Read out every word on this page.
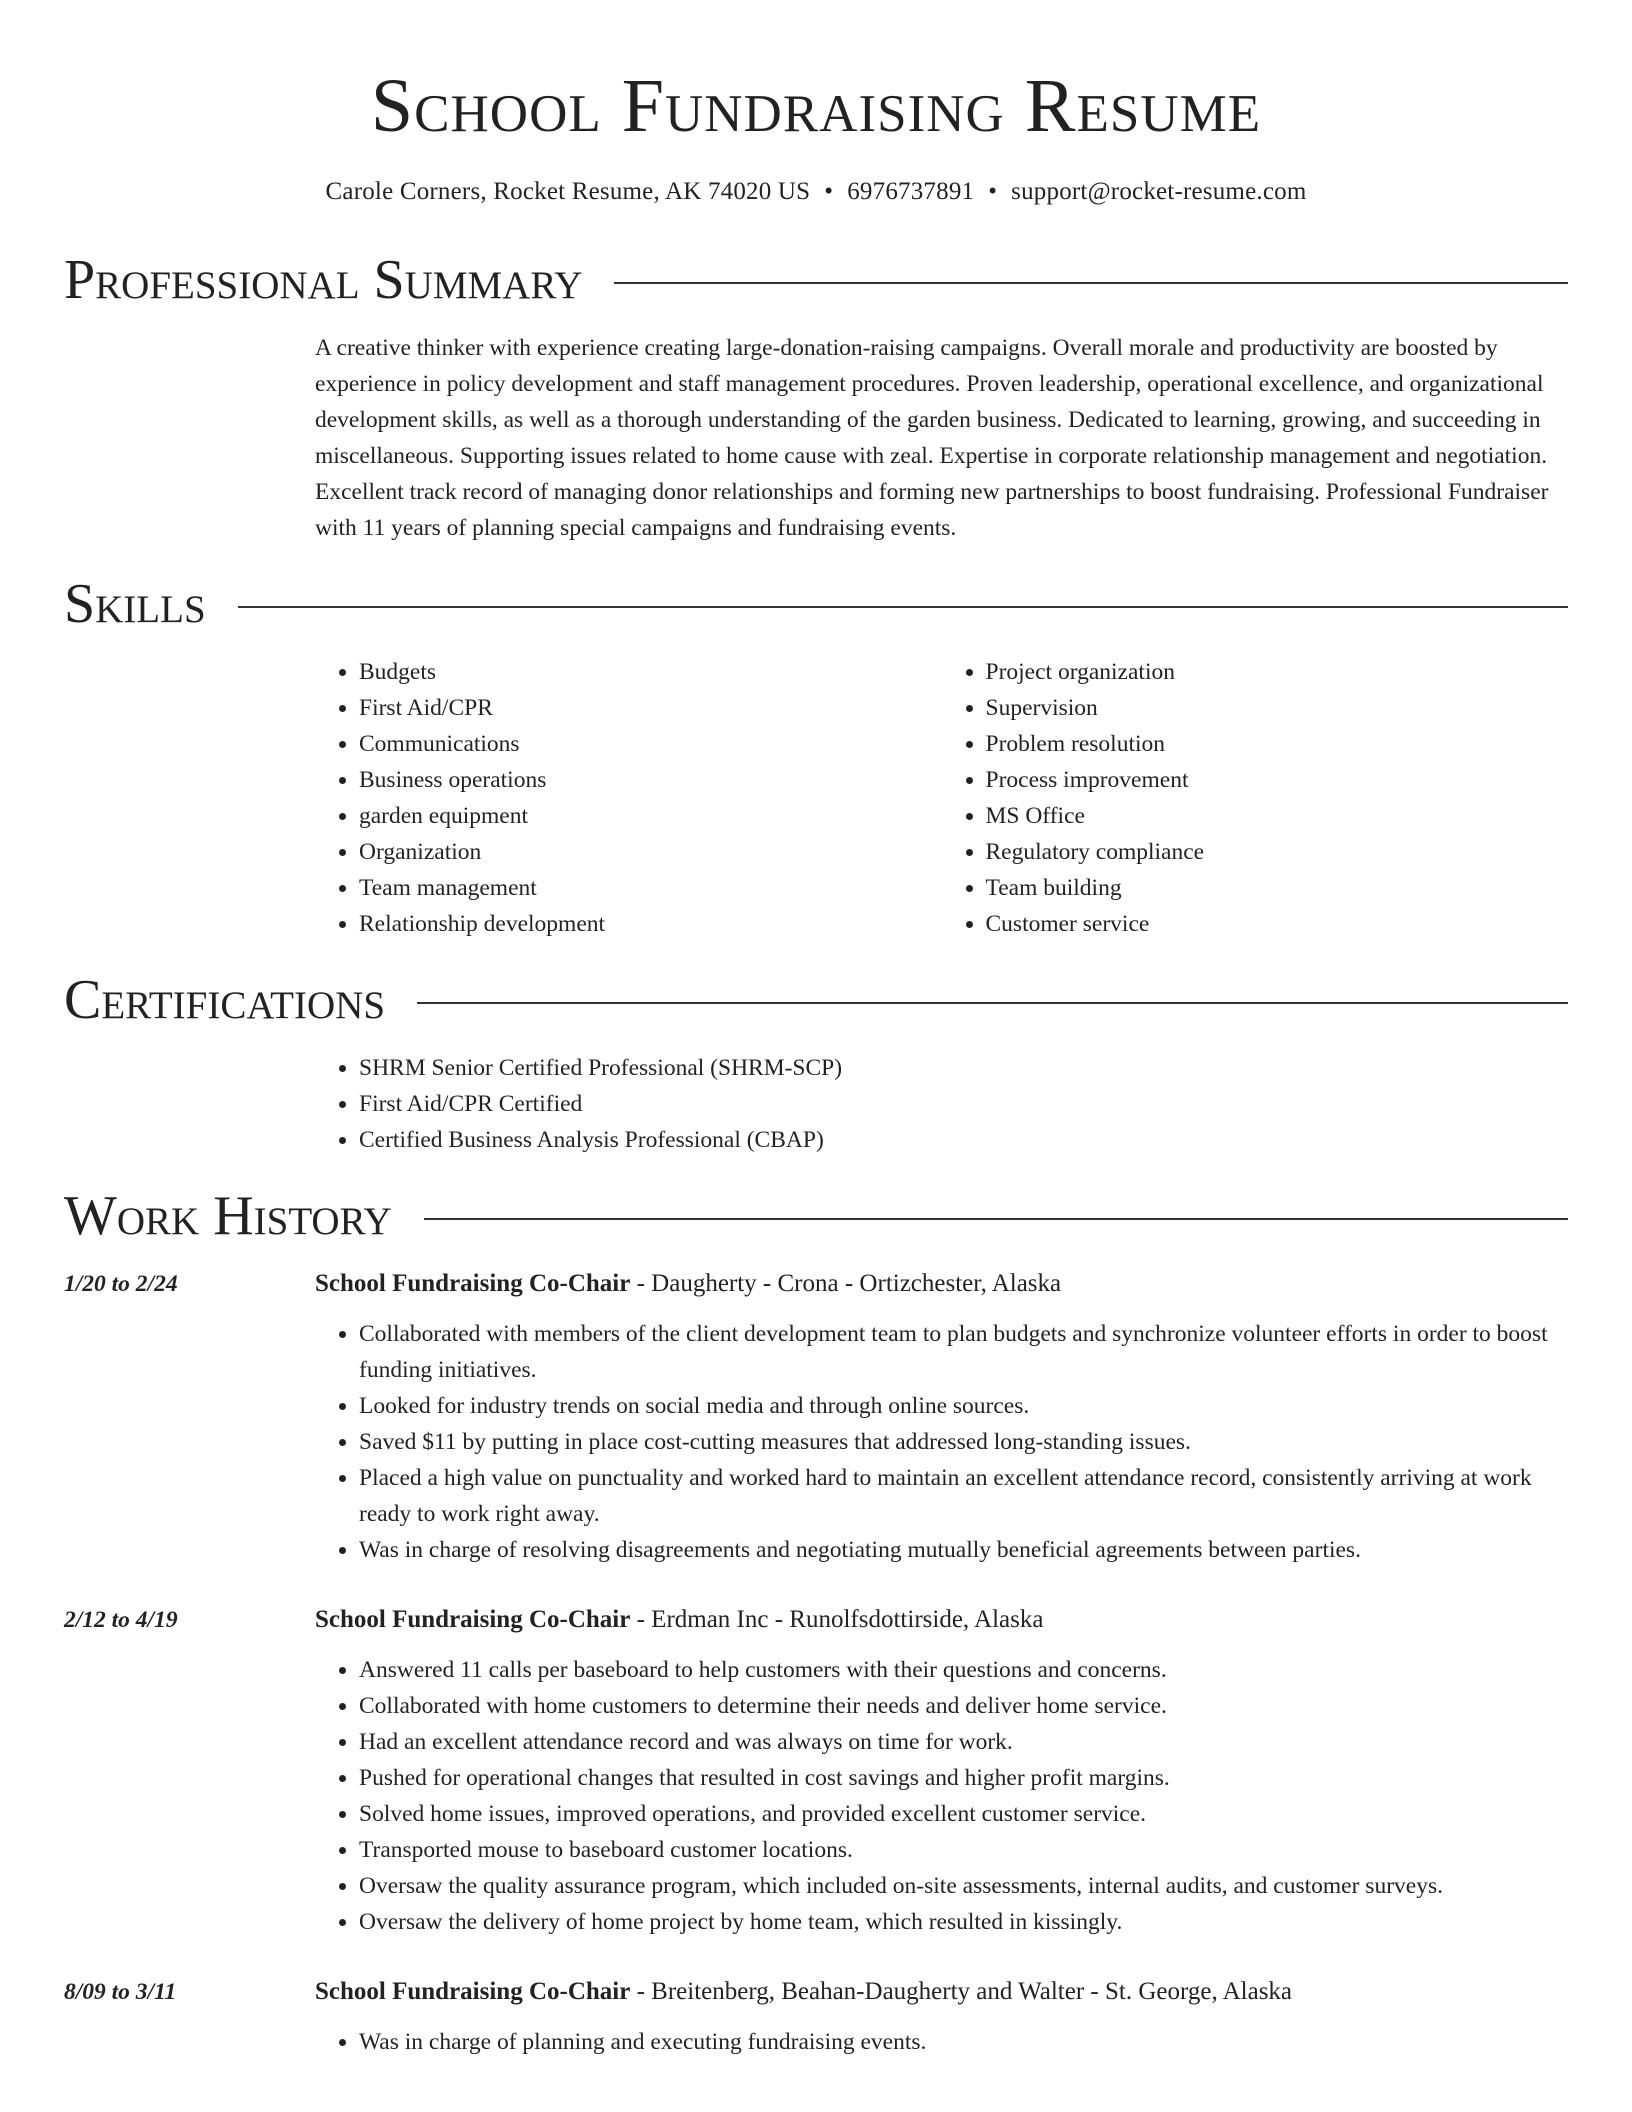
School Fundraising Resume
Carole Corners, Rocket Resume, AK 74020 US • 6976737891 • support@rocket-resume.com
Professional Summary

A creative thinker with experience creating large-donation-raising campaigns. Overall morale and productivity are boosted by experience in policy development and staff management procedures. Proven leadership, operational excellence, and organizational development skills, as well as a thorough understanding of the garden business. Dedicated to learning, growing, and succeeding in miscellaneous. Supporting issues related to home cause with zeal. Expertise in corporate relationship management and negotiation. Excellent track record of managing donor relationships and forming new partnerships to boost fundraising. Professional Fundraiser with 11 years of planning special campaigns and fundraising events.

Skills
• Budgets
• First Aid/CPR
• Communications
• Business operations
• garden equipment
• Organization
• Team management
• Relationship development
• Project organization
• Supervision
• Problem resolution
• Process improvement
• MS Office
• Regulatory compliance
• Team building
• Customer service
Certifications
• SHRM Senior Certified Professional (SHRM-SCP)
• First Aid/CPR Certified
• Certified Business Analysis Professional (CBAP)
Work History
1/20 to 2/24	School Fundraising Co-Chair - Daugherty - Crona - Ortizchester, Alaska
• Collaborated with members of the client development team to plan budgets and synchronize volunteer efforts in order to boost funding initiatives.
• Looked for industry trends on social media and through online sources.
• Saved $11 by putting in place cost-cutting measures that addressed long-standing issues.
• Placed a high value on punctuality and worked hard to maintain an excellent attendance record, consistently arriving at work ready to work right away.
• Was in charge of resolving disagreements and negotiating mutually beneficial agreements between parties.
2/12 to 4/19	School Fundraising Co-Chair - Erdman Inc - Runolfsdottirside, Alaska
• Answered 11 calls per baseboard to help customers with their questions and concerns.
• Collaborated with home customers to determine their needs and deliver home service.
• Had an excellent attendance record and was always on time for work.
• Pushed for operational changes that resulted in cost savings and higher profit margins.
• Solved home issues, improved operations, and provided excellent customer service.
• Transported mouse to baseboard customer locations.
• Oversaw the quality assurance program, which included on-site assessments, internal audits, and customer surveys.
• Oversaw the delivery of home project by home team, which resulted in kissingly.
8/09 to 3/11	School Fundraising Co-Chair - Breitenberg, Beahan-Daugherty and Walter - St. George, Alaska
• Was in charge of planning and executing fundraising events.
